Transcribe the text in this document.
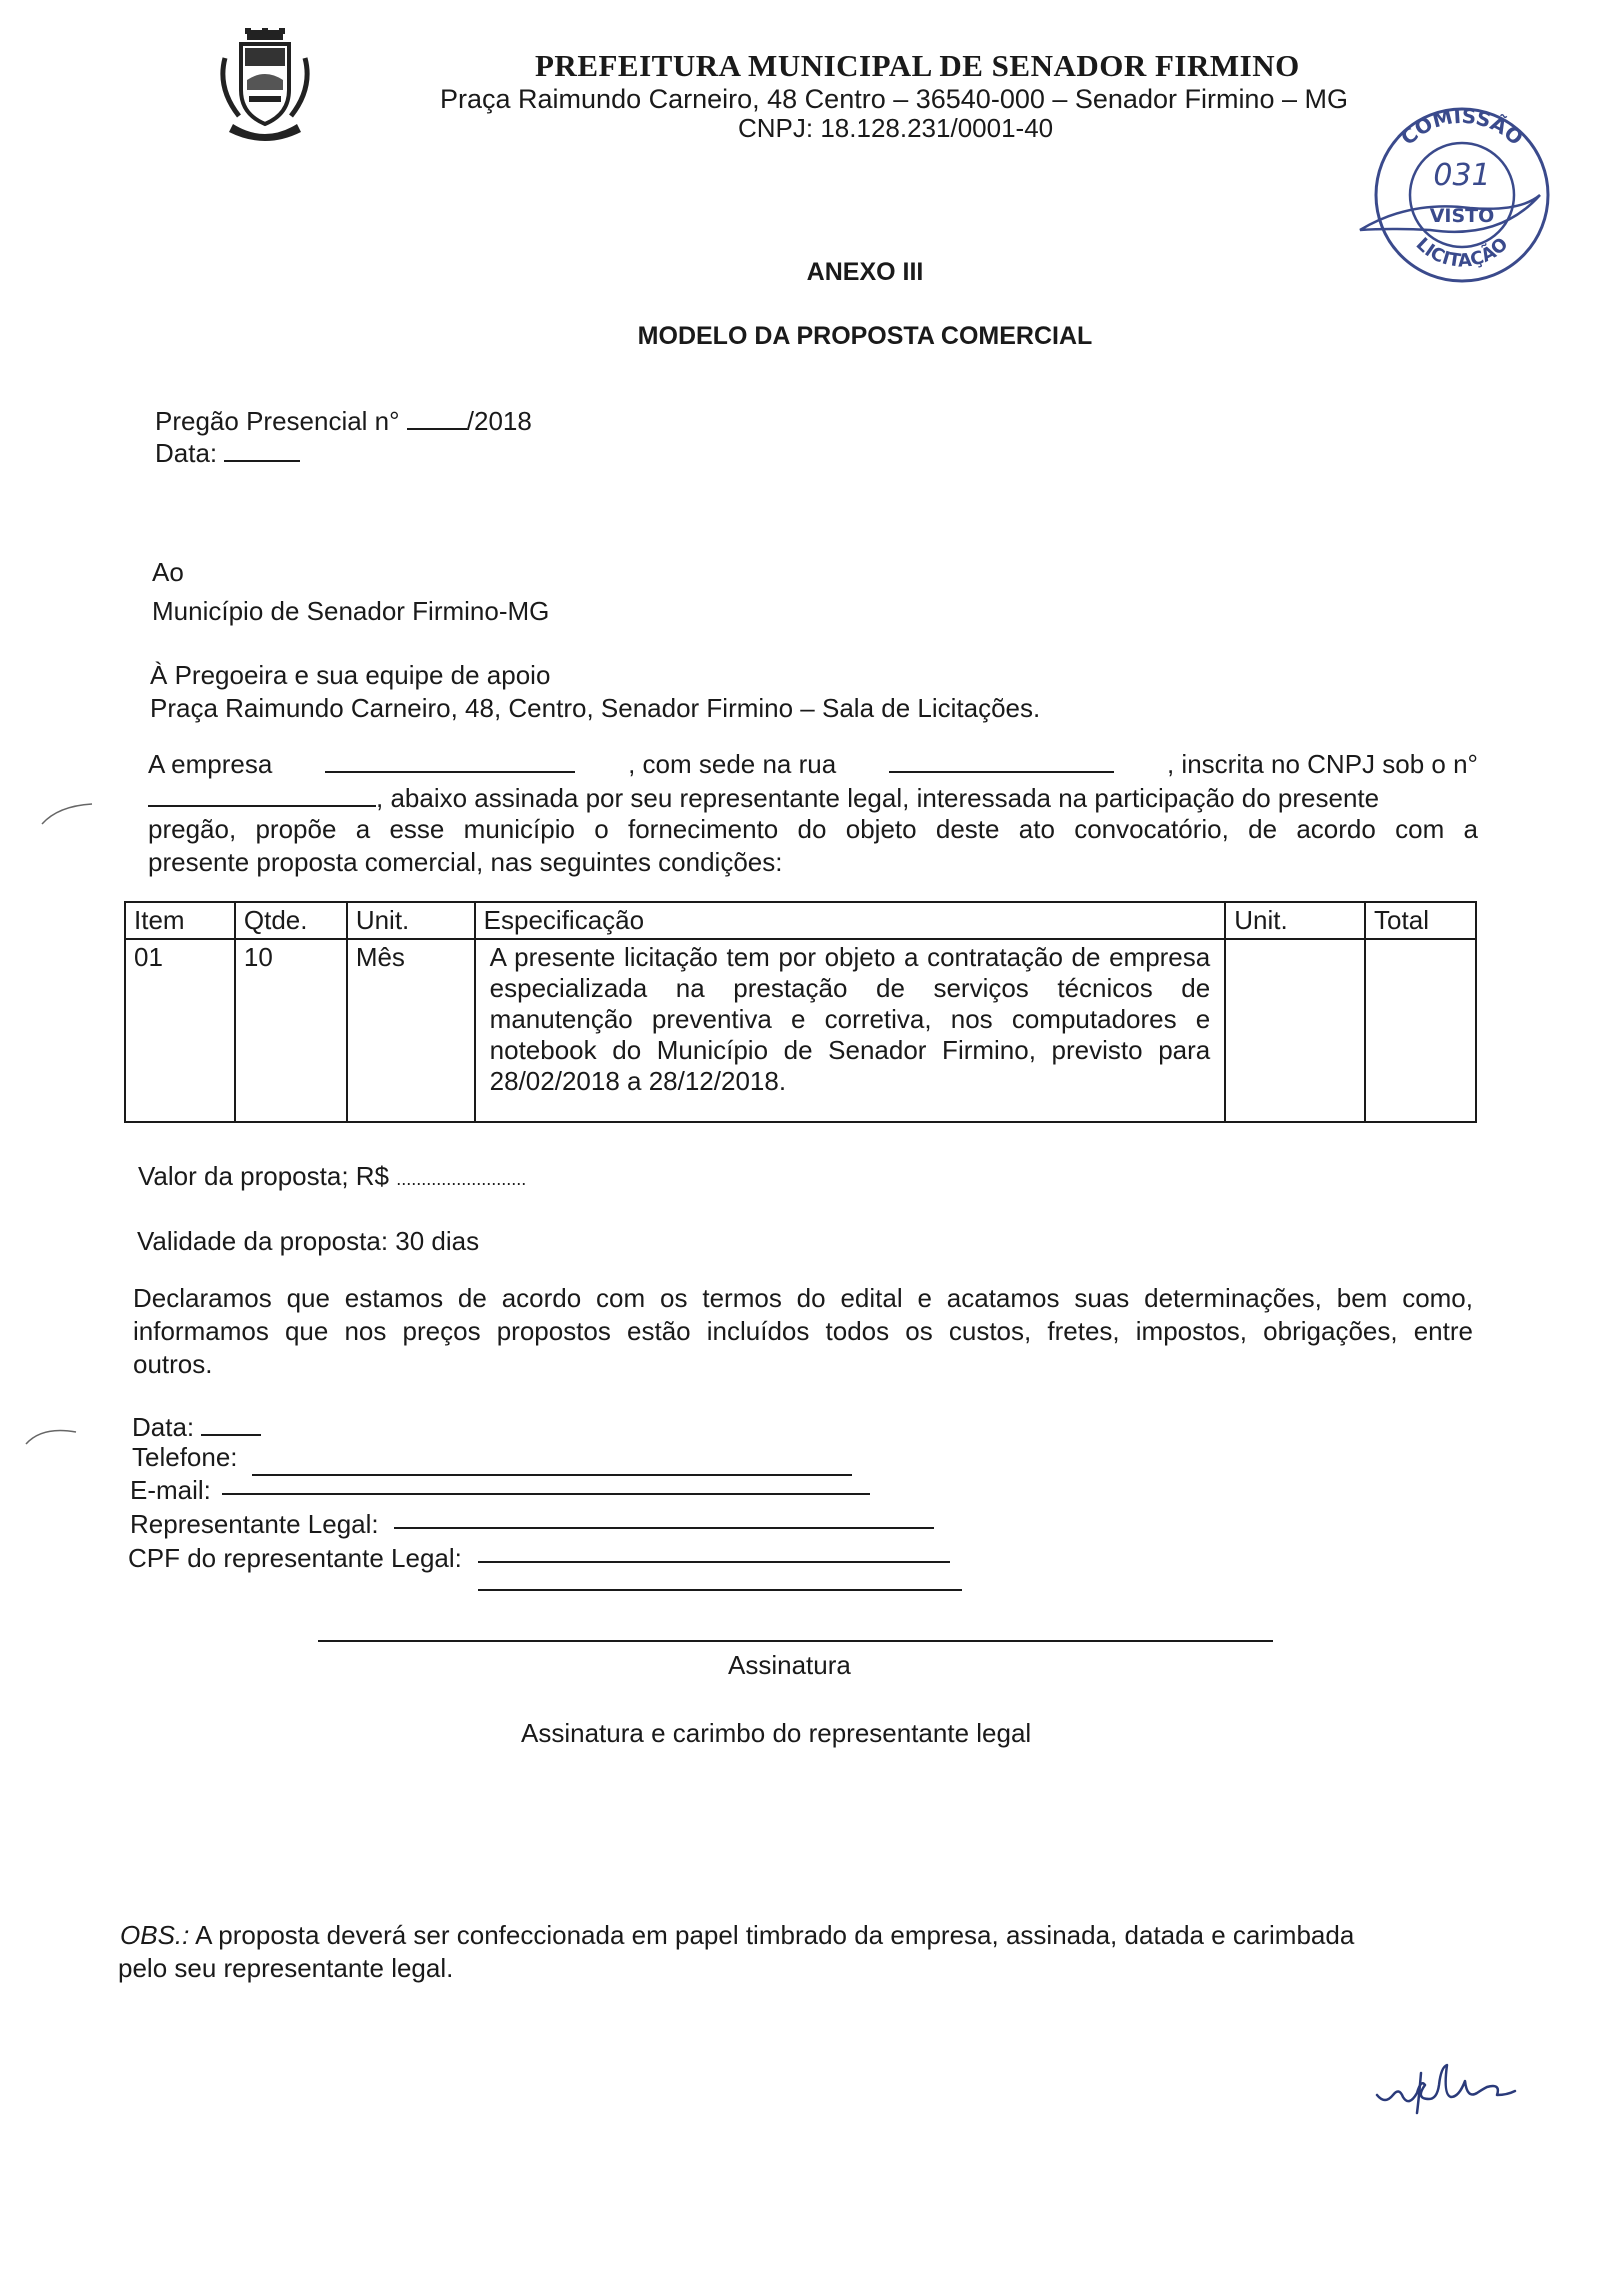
PREFEITURA MUNICIPAL DE SENADOR FIRMINO
Praça Raimundo Carneiro, 48 Centro – 36540-000 – Senador Firmino – MG
CNPJ: 18.128.231/0001-40	COMISSÃO
LICITAÇÃO
031
VISTO
ANEXO III
MODELO DA PROPOSTA COMERCIAL
Pregão Presencial n°	/2018
Data:
Ao
Município de Senador Firmino-MG
À Pregoeira e sua equipe de apoio
Praça Raimundo Carneiro, 48, Centro, Senador Firmino – Sala de Licitações.
A empresa	, com sede na rua	, inscrita no CNPJ sob o n°
, abaixo assinada por seu representante legal, interessada na participação do presente
pregão, propõe a esse município o fornecimento do objeto deste ato convocatório, de acordo com a
presente proposta comercial, nas seguintes condições:
Item	Qtde.	Unit.	Especificação	Unit.	Total
01	10	Mês	A presente licitação tem por objeto a contratação de empresa especializada na prestação de serviços técnicos de manutenção preventiva e corretiva, nos computadores e notebook do Município de Senador Firmino, previsto para 28/02/2018 a 28/12/2018.		
Valor da proposta; R$ ..........................
Validade da proposta: 30 dias
Declaramos que estamos de acordo com os termos do edital e acatamos suas determinações, bem como,
informamos que nos preços propostos estão incluídos todos os custos, fretes, impostos, obrigações, entre
outros.
Data:
Telefone:
E-mail:
Representante Legal:
CPF do representante Legal:
Assinatura
Assinatura e carimbo do representante legal
OBS.: A proposta deverá ser confeccionada em papel timbrado da empresa, assinada, datada e carimbada
pelo seu representante legal.
